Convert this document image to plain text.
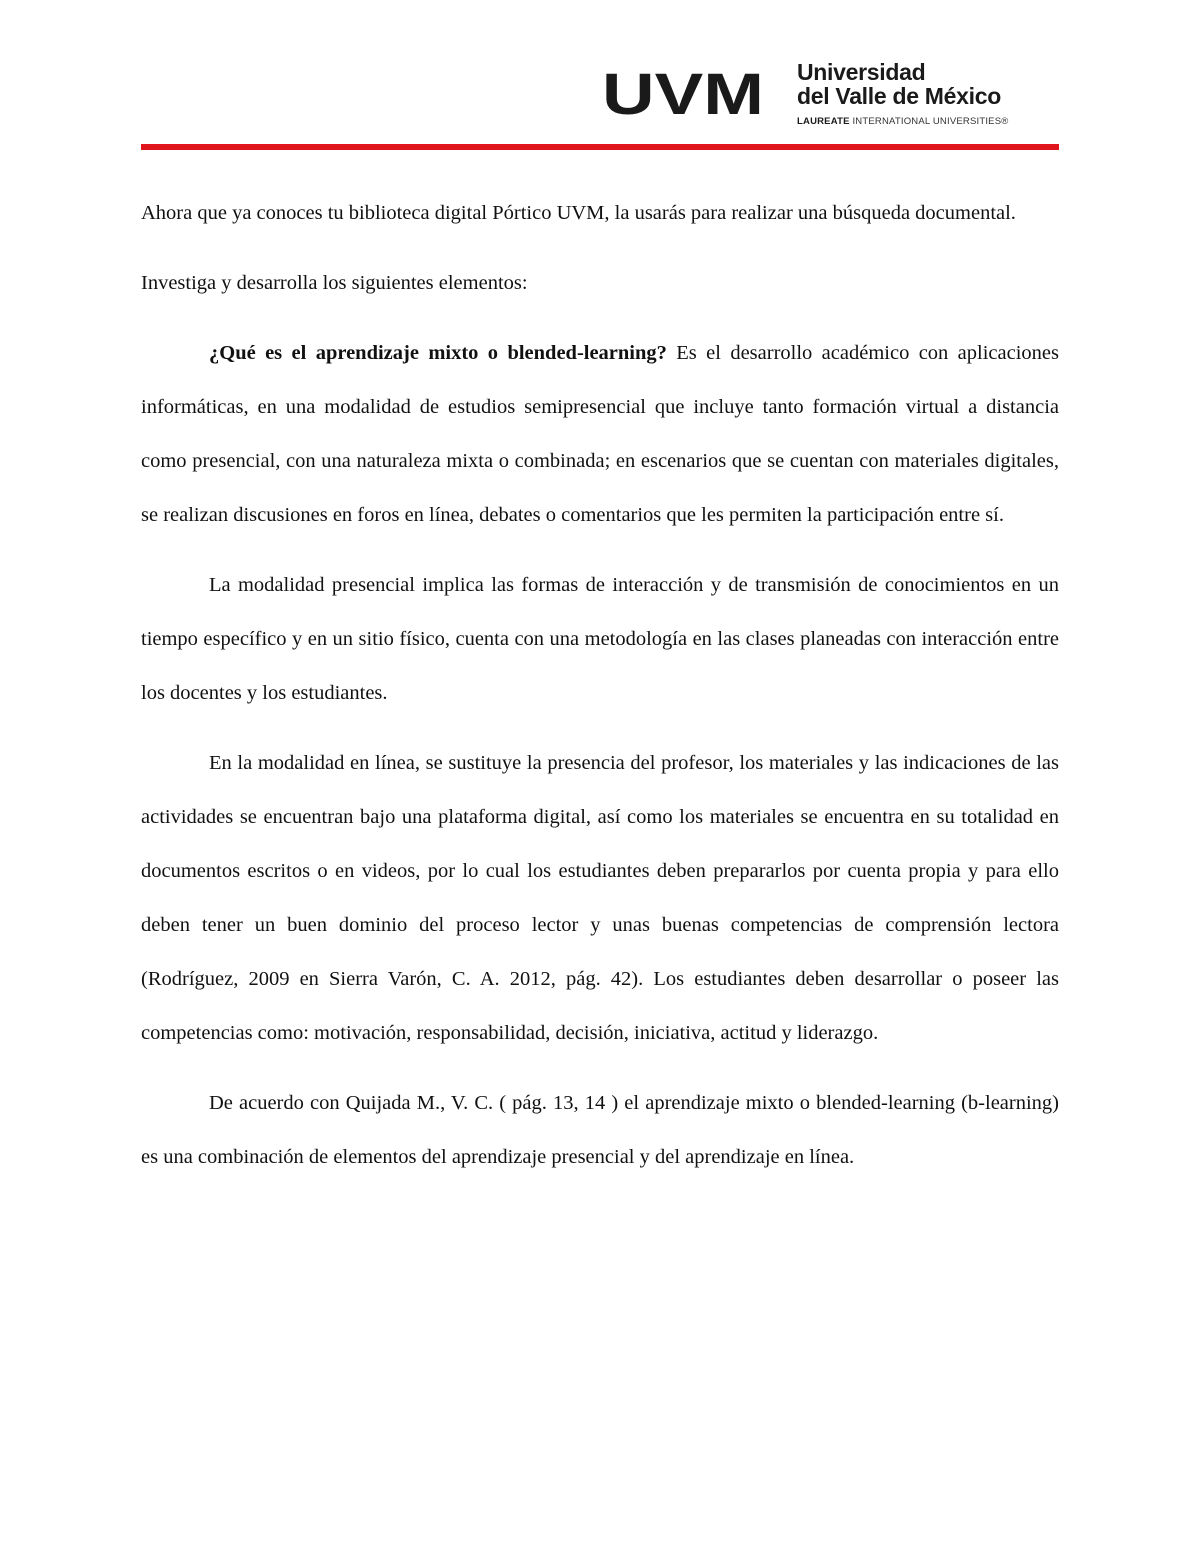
UVM Universidad
del Valle de México
LAUREATE INTERNATIONAL UNIVERSITIES®

Ahora que ya conoces tu biblioteca digital Pórtico UVM, la usarás para realizar una búsqueda documental.

Investiga y desarrolla los siguientes elementos:

¿Qué es el aprendizaje mixto o blended-learning? Es el desarrollo académico con aplicaciones informáticas, en una modalidad de estudios semipresencial que incluye tanto formación virtual a distancia como presencial, con una naturaleza mixta o combinada; en escenarios que se cuentan con materiales digitales, se realizan discusiones en foros en línea, debates o comentarios que les permiten la participación entre sí.

La modalidad presencial implica las formas de interacción y de transmisión de conocimientos en un tiempo específico y en un sitio físico, cuenta con una metodología en las clases planeadas con interacción entre los docentes y los estudiantes.

En la modalidad en línea, se sustituye la presencia del profesor, los materiales y las indicaciones de las actividades se encuentran bajo una plataforma digital, así como los materiales se encuentra en su totalidad en documentos escritos o en videos, por lo cual los estudiantes deben prepararlos por cuenta propia y para ello deben tener un buen dominio del proceso lector y unas buenas competencias de comprensión lectora (Rodríguez, 2009 en Sierra Varón, C. A. 2012, pág. 42). Los estudiantes deben desarrollar o poseer las competencias como: motivación, responsabilidad, decisión, iniciativa, actitud y liderazgo.

De acuerdo con Quijada M., V. C. ( pág. 13, 14 ) el aprendizaje mixto o blended-learning (b-learning) es una combinación de elementos del aprendizaje presencial y del aprendizaje en línea.
